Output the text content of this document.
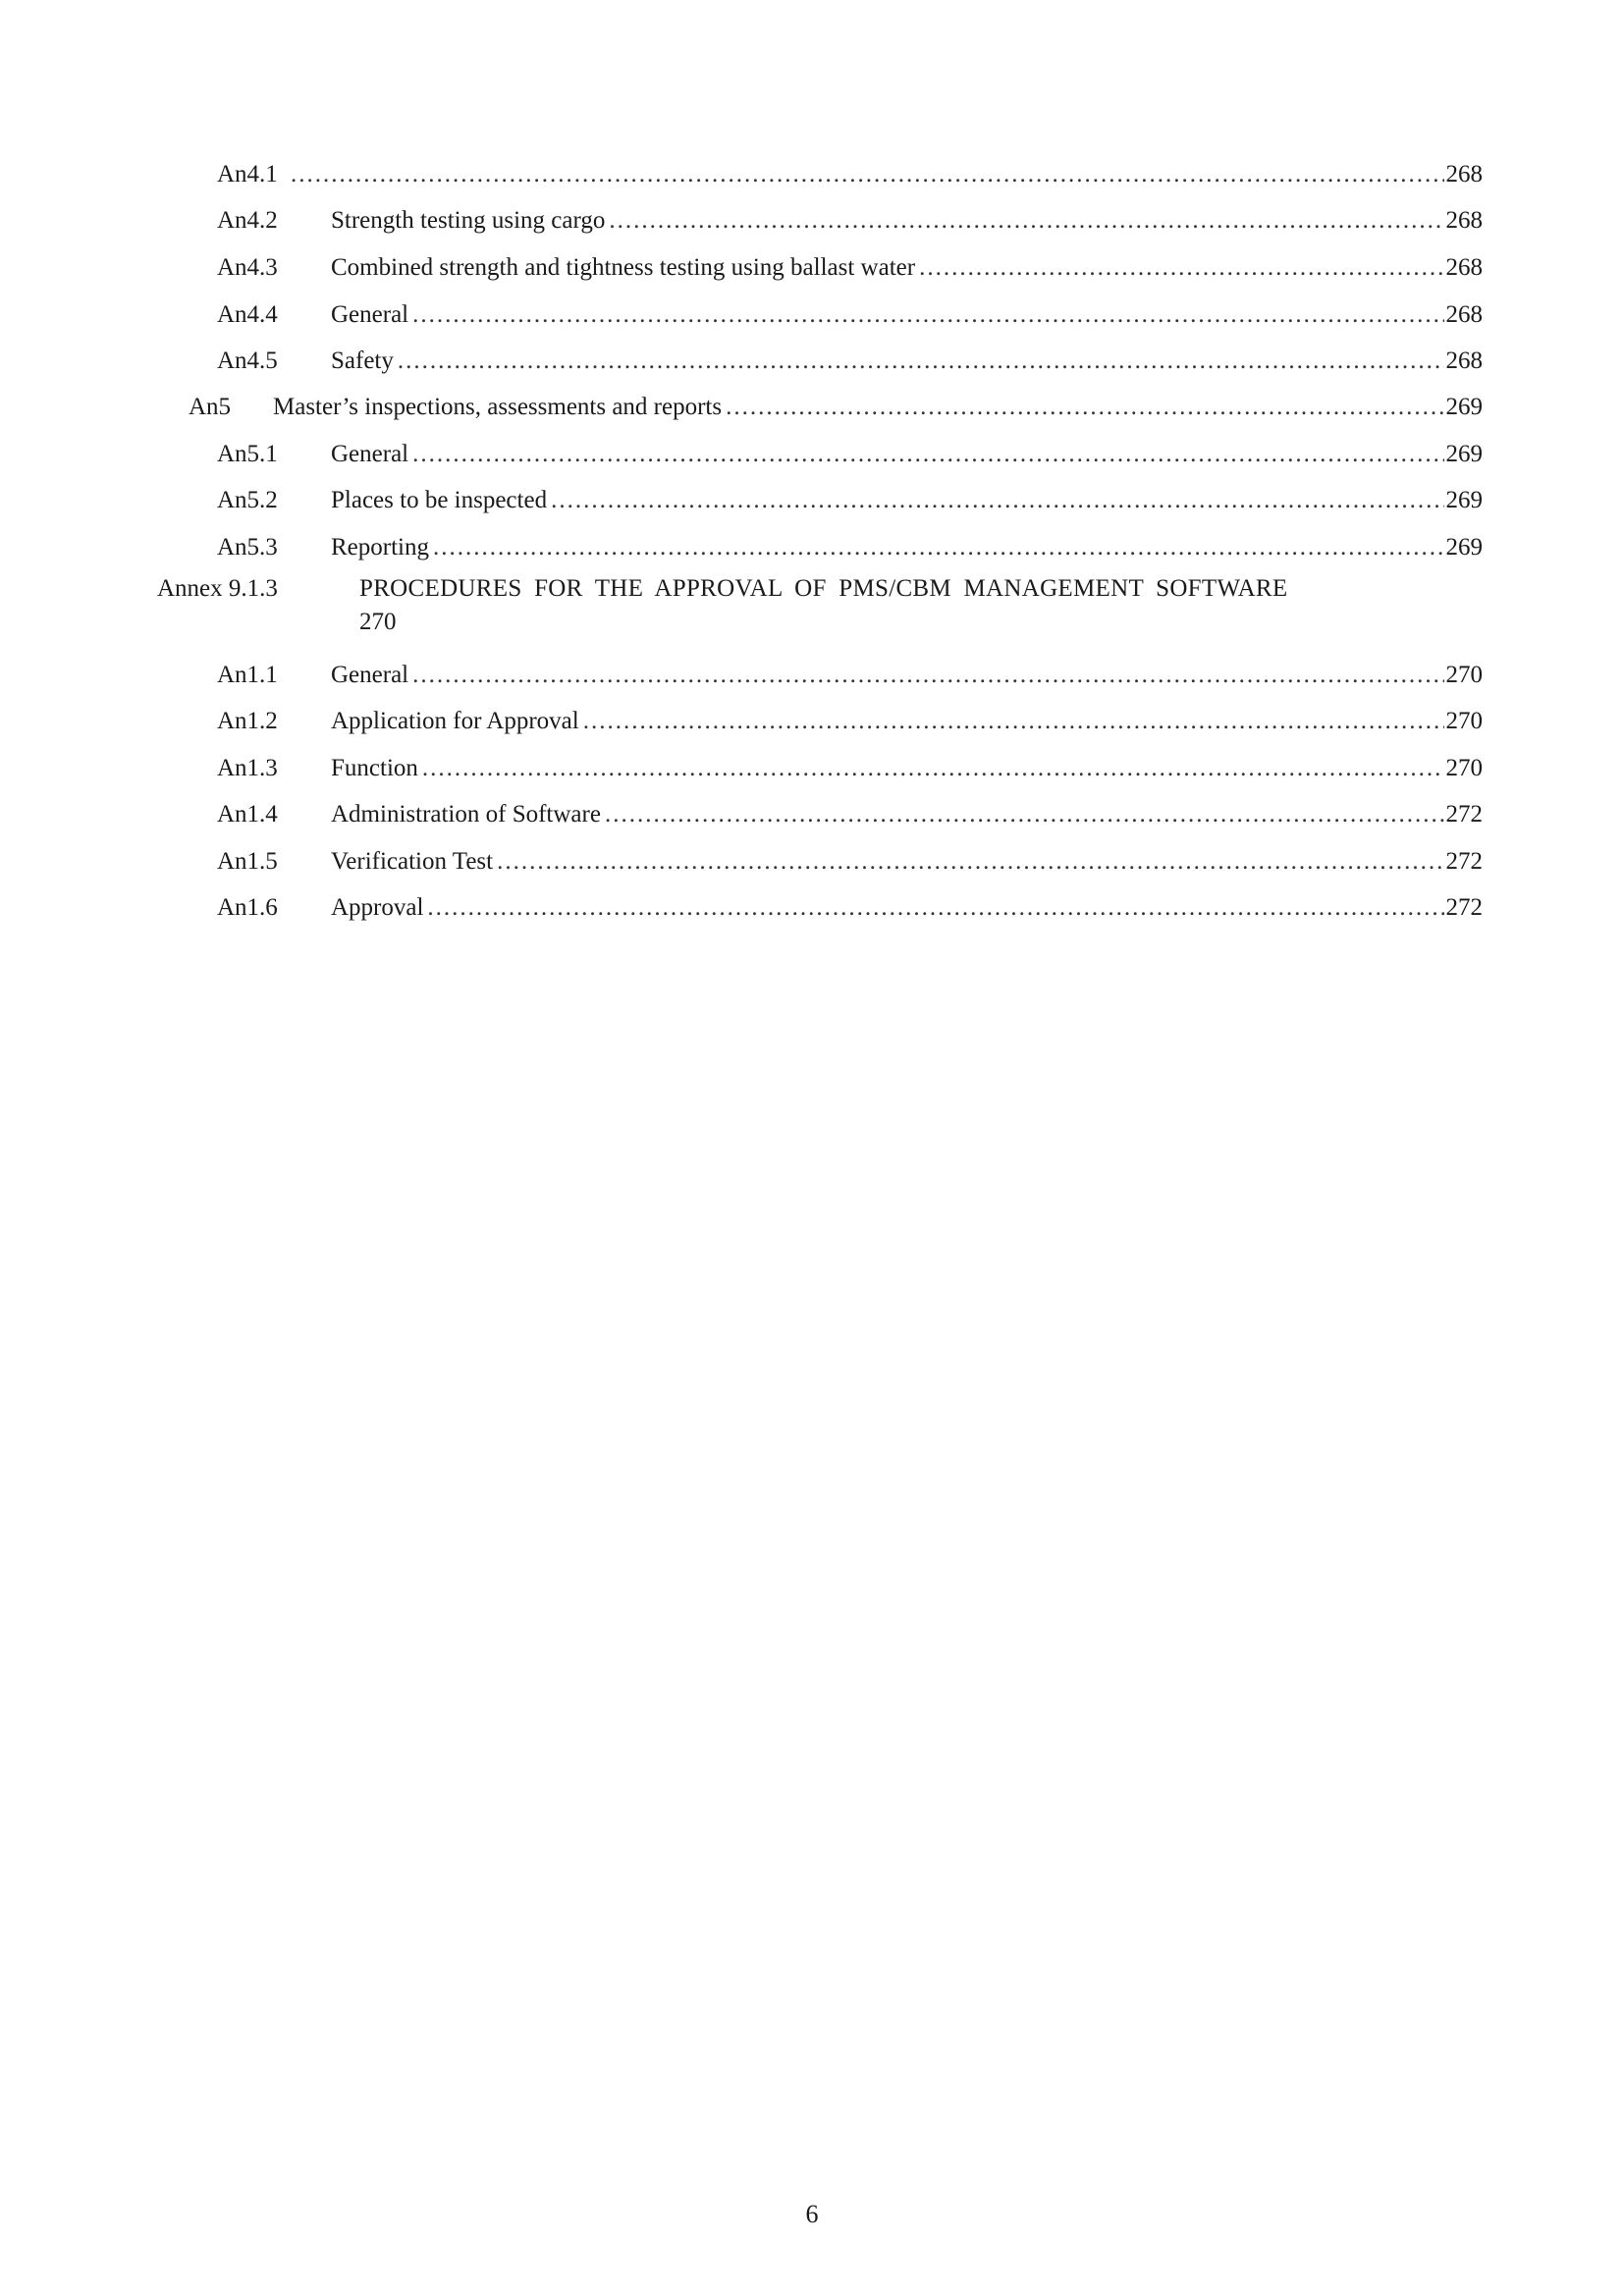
An4.1 .....	268
An4.2 Strength testing using cargo .....	268
An4.3 Combined strength and tightness testing using ballast water .....	268
An4.4 General .....	268
An4.5 Safety .....	268
An5 Master’s inspections, assessments and reports .....	269
An5.1 General .....	269
An5.2 Places to be inspected .....	269
An5.3 Reporting .....	269
Annex 9.1.3	PROCEDURES FOR THE APPROVAL OF PMS/CBM MANAGEMENT SOFTWARE
270
An1.1 General .....	270
An1.2 Application for Approval .....	270
An1.3 Function .....	270
An1.4 Administration of Software .....	272
An1.5 Verification Test .....	272
An1.6 Approval .....	272
6
